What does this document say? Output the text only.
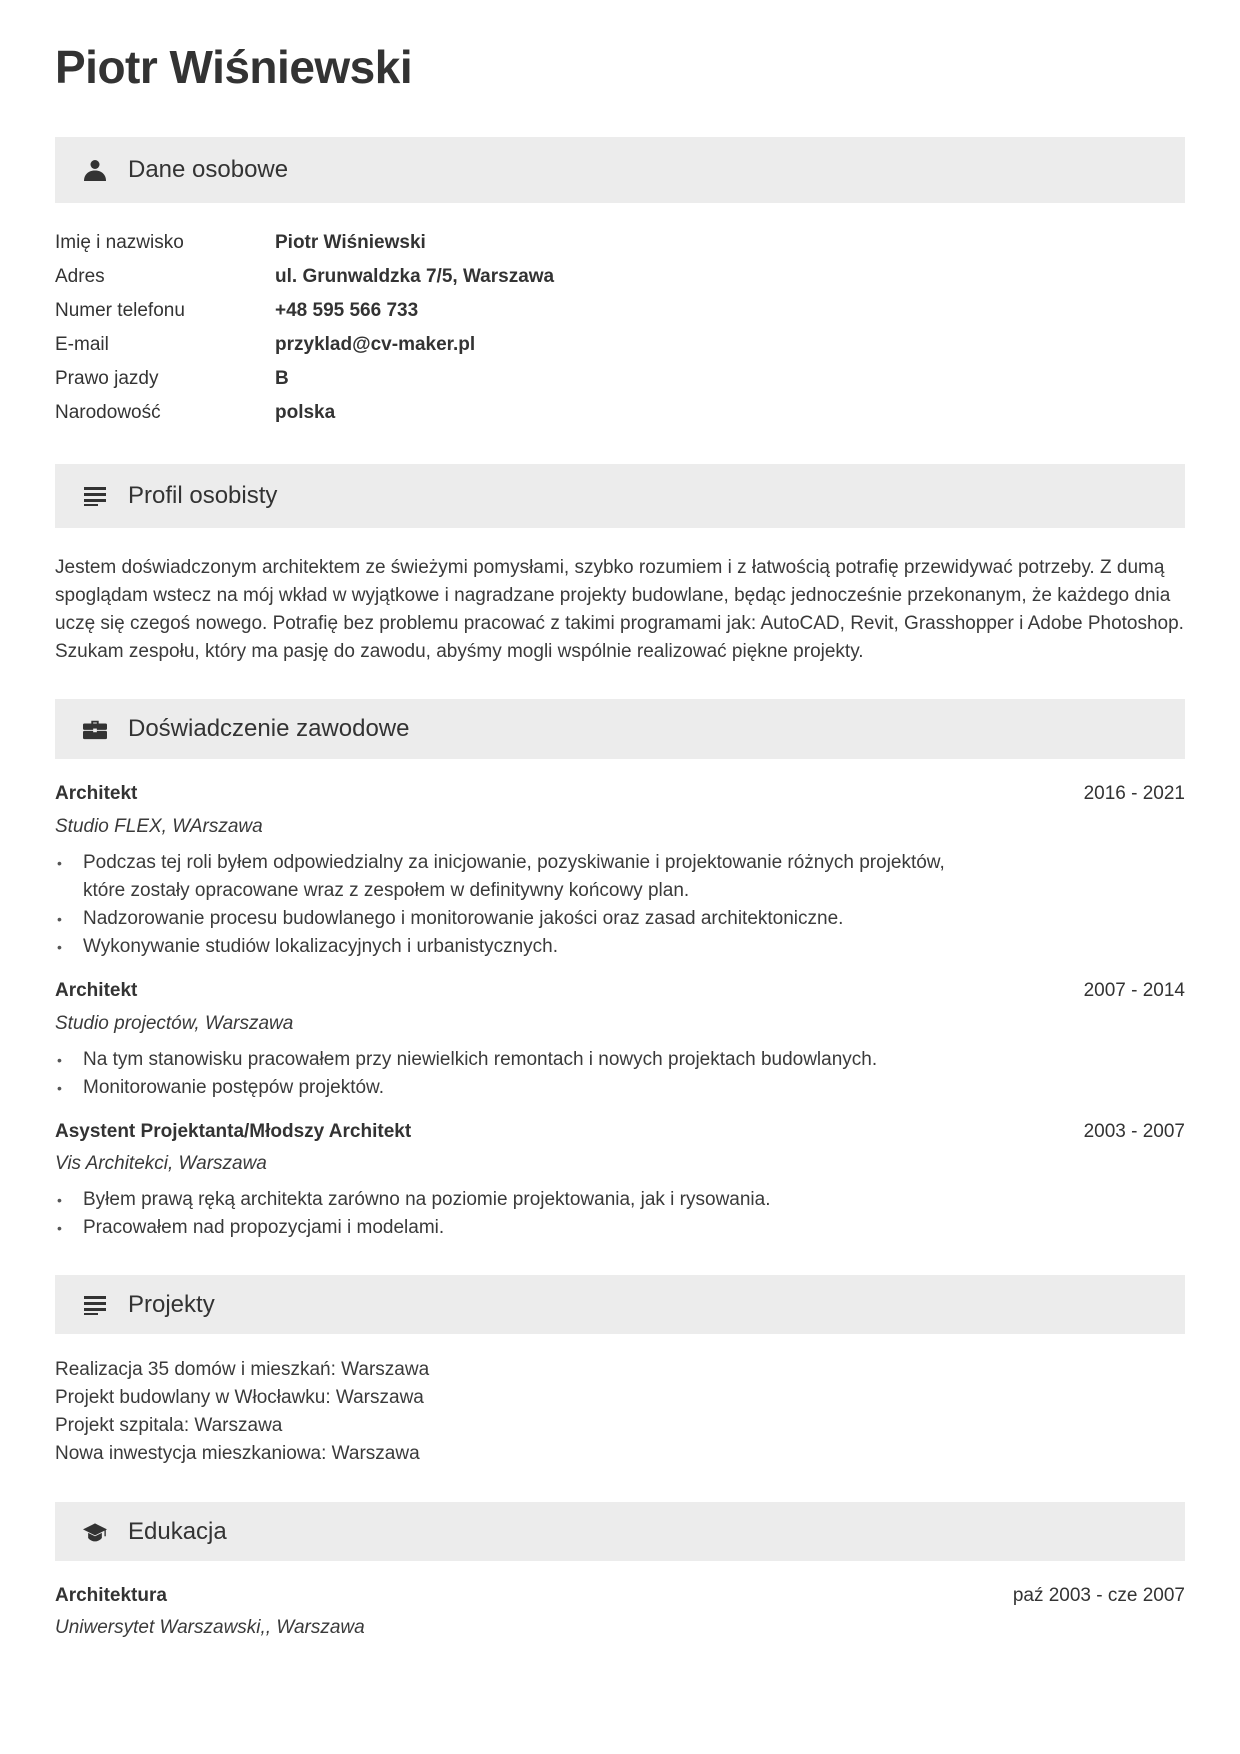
Piotr Wiśniewski
Dane osobowe
Imię i nazwisko	Piotr Wiśniewski
Adres	ul. Grunwaldzka 7/5, Warszawa
Numer telefonu	+48 595 566 733
E-mail	przyklad@cv-maker.pl
Prawo jazdy	B
Narodowość	polska
Profil osobisty
Jestem doświadczonym architektem ze świeżymi pomysłami, szybko rozumiem i z łatwością potrafię przewidywać potrzeby. Z dumą spoglądam wstecz na mój wkład w wyjątkowe i nagradzane projekty budowlane, będąc jednocześnie przekonanym, że każdego dnia uczę się czegoś nowego. Potrafię bez problemu pracować z takimi programami jak: AutoCAD, Revit, Grasshopper i Adobe Photoshop. Szukam zespołu, który ma pasję do zawodu, abyśmy mogli wspólnie realizować piękne projekty.
Doświadczenie zawodowe
Architekt	2016 - 2021
Studio FLEX, WArszawa
• Podczas tej roli byłem odpowiedzialny za inicjowanie, pozyskiwanie i projektowanie różnych projektów, które zostały opracowane wraz z zespołem w definitywny końcowy plan.
• Nadzorowanie procesu budowlanego i monitorowanie jakości oraz zasad architektoniczne.
• Wykonywanie studiów lokalizacyjnych i urbanistycznych.
Architekt	2007 - 2014
Studio projectów, Warszawa
• Na tym stanowisku pracowałem przy niewielkich remontach i nowych projektach budowlanych.
• Monitorowanie postępów projektów.
Asystent Projektanta/Młodszy Architekt	2003 - 2007
Vis Architekci, Warszawa
• Byłem prawą ręką architekta zarówno na poziomie projektowania, jak i rysowania.
• Pracowałem nad propozycjami i modelami.
Projekty
Realizacja 35 domów i mieszkań: Warszawa
Projekt budowlany w Włocławku: Warszawa
Projekt szpitala: Warszawa
Nowa inwestycja mieszkaniowa: Warszawa
Edukacja
Architektura	paź 2003 - cze 2007
Uniwersytet Warszawski,, Warszawa
